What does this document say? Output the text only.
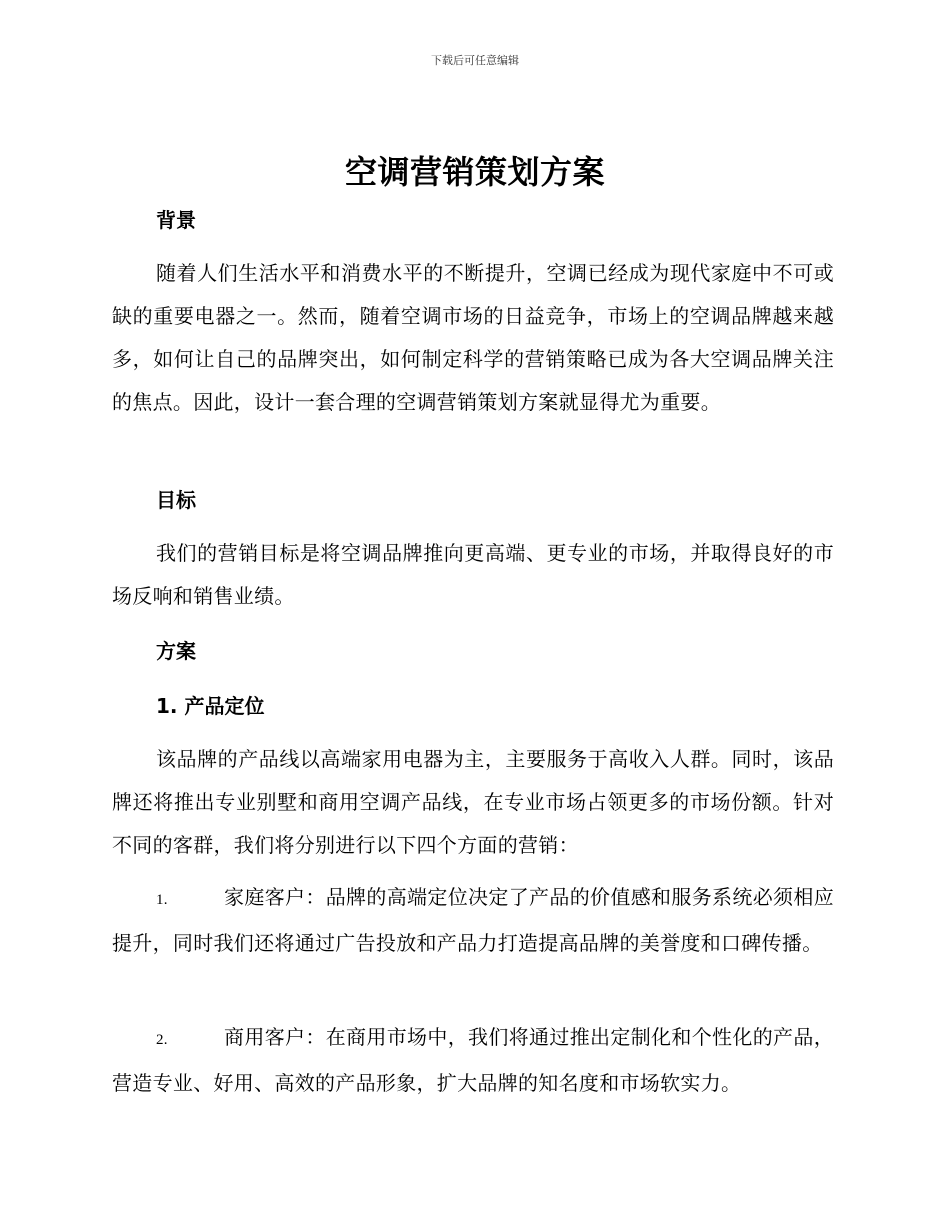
下载后可任意编辑
空调营销策划方案
背景
随着人们生活水平和消费水平的不断提升，空调已经成为现代家庭中不可或缺的重要电器之一。然而，随着空调市场的日益竞争，市场上的空调品牌越来越多，如何让自己的品牌突出，如何制定科学的营销策略已成为各大空调品牌关注的焦点。因此，设计一套合理的空调营销策划方案就显得尤为重要。
目标
我们的营销目标是将空调品牌推向更高端、更专业的市场，并取得良好的市场反响和销售业绩。
方案
1. 产品定位
该品牌的产品线以高端家用电器为主，主要服务于高收入人群。同时，该品牌还将推出专业别墅和商用空调产品线，在专业市场占领更多的市场份额。针对不同的客群，我们将分别进行以下四个方面的营销：
1.	家庭客户：品牌的高端定位决定了产品的价值感和服务系统必须相应提升，同时我们还将通过广告投放和产品力打造提高品牌的美誉度和口碑传播。
2.	商用客户：在商用市场中，我们将通过推出定制化和个性化的产品，营造专业、好用、高效的产品形象，扩大品牌的知名度和市场软实力。
